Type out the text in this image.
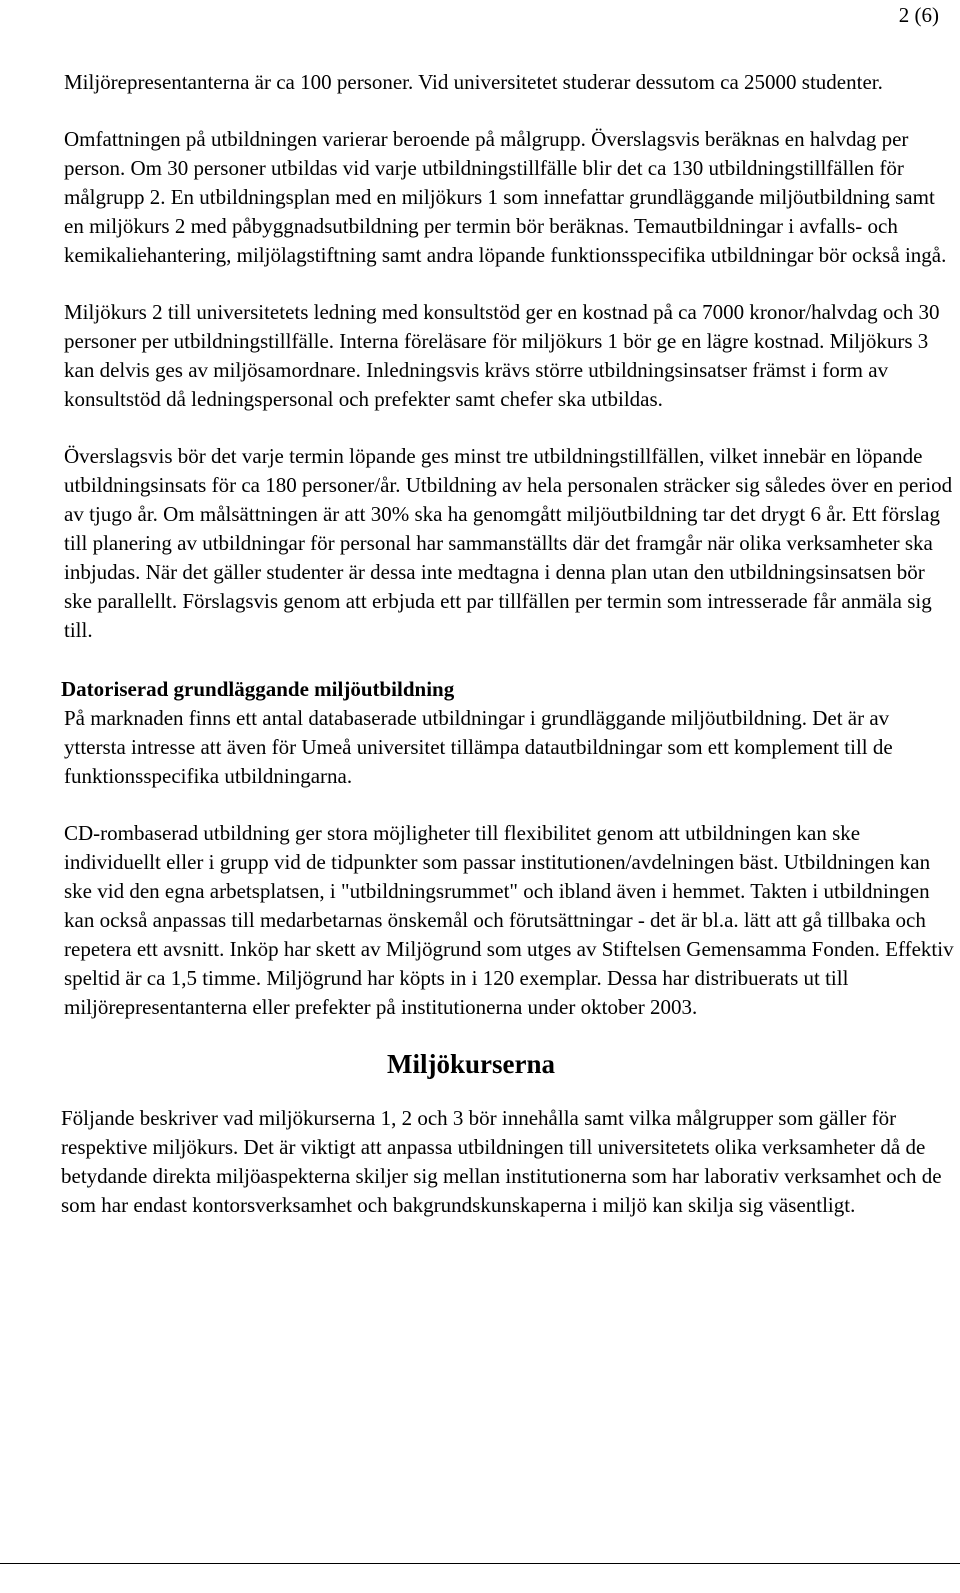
2 (6)

Miljörepresentanterna är ca 100 personer. Vid universitetet studerar dessutom ca 25000 studenter.

Omfattningen på utbildningen varierar beroende på målgrupp. Överslagsvis beräknas en halvdag per person. Om 30 personer utbildas vid varje utbildningstillfälle blir det ca 130 utbildningstillfällen för målgrupp 2. En utbildningsplan med en miljökurs 1 som innefattar grundläggande miljöutbildning samt en miljökurs 2 med påbyggnadsutbildning per termin bör beräknas. Temautbildningar i avfalls- och kemikaliehantering, miljölagstiftning samt andra löpande funktionsspecifika utbildningar bör också ingå.

Miljökurs 2 till universitetets ledning med konsultstöd ger en kostnad på ca 7000 kronor/halvdag och 30 personer per utbildningstillfälle. Interna föreläsare för miljökurs 1 bör ge en lägre kostnad. Miljökurs 3 kan delvis ges av miljösamordnare. Inledningsvis krävs större utbildningsinsatser främst i form av konsultstöd då ledningspersonal och prefekter samt chefer ska utbildas.

Överslagsvis bör det varje termin löpande ges minst tre utbildningstillfällen, vilket innebär en löpande utbildningsinsats för ca 180 personer/år. Utbildning av hela personalen sträcker sig således över en period av tjugo år. Om målsättningen är att 30% ska ha genomgått miljöutbildning tar det drygt 6 år. Ett förslag till planering av utbildningar för personal har sammanställts där det framgår när olika verksamheter ska inbjudas. När det gäller studenter är dessa inte medtagna i denna plan utan den utbildningsinsatsen bör ske parallellt. Förslagsvis genom att erbjuda ett par tillfällen per termin som intresserade får anmäla sig till.

Datoriserad grundläggande miljöutbildning

På marknaden finns ett antal databaserade utbildningar i grundläggande miljöutbildning. Det är av yttersta intresse att även för Umeå universitet tillämpa datautbildningar som ett komplement till de funktionsspecifika utbildningarna.

CD-rombaserad utbildning ger stora möjligheter till flexibilitet genom att utbildningen kan ske individuellt eller i grupp vid de tidpunkter som passar institutionen/avdelningen bäst. Utbildningen kan ske vid den egna arbetsplatsen, i "utbildningsrummet" och ibland även i hemmet. Takten i utbildningen kan också anpassas till medarbetarnas önskemål och förutsättningar - det är bl.a. lätt att gå tillbaka och repetera ett avsnitt. Inköp har skett av Miljögrund som utges av Stiftelsen Gemensamma Fonden. Effektiv speltid är ca 1,5 timme. Miljögrund har köpts in i 120 exemplar. Dessa har distribuerats ut till miljörepresentanterna eller prefekter på institutionerna under oktober 2003.

Miljökurserna

Följande beskriver vad miljökurserna 1, 2 och 3 bör innehålla samt vilka målgrupper som gäller för respektive miljökurs. Det är viktigt att anpassa utbildningen till universitetets olika verksamheter då de betydande direkta miljöaspekterna skiljer sig mellan institutionerna som har laborativ verksamhet och de som har endast kontorsverksamhet och bakgrundskunskaperna i miljö kan skilja sig väsentligt.
